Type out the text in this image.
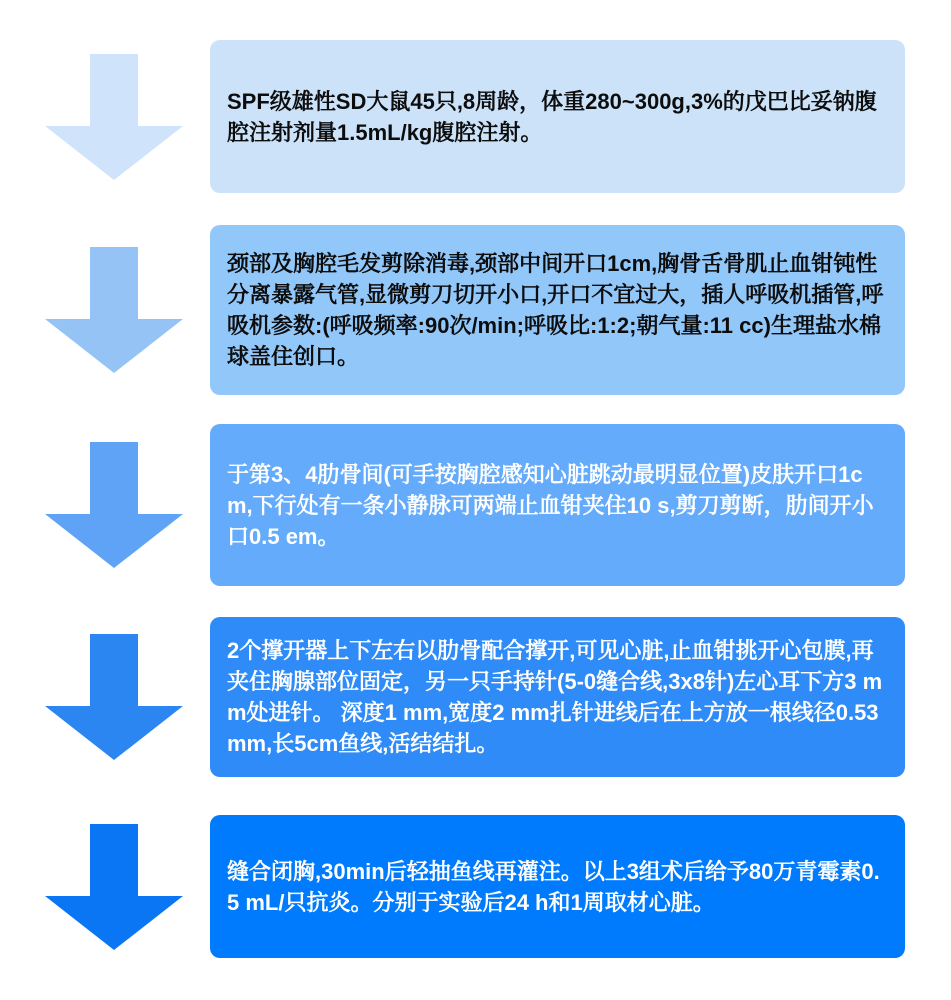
SPF级雄性SD大鼠45只,8周龄，体重280~300g,3%的戊巴比妥钠腹腔注射剂量1.5mL/kg腹腔注射。

颈部及胸腔毛发剪除消毒,颈部中间开口1cm,胸骨舌骨肌止血钳钝性分离暴露气管,显微剪刀切开小口,开口不宜过大，插人呼吸机插管,呼吸机参数:(呼吸频率:90次/min;呼吸比:1:2;朝气量:11 cc)生理盐水棉球盖住创口。

于第3、4肋骨间(可手按胸腔感知心脏跳动最明显位置)皮肤开口1cm,下行处有一条小静脉可两端止血钳夹住10 s,剪刀剪断，肋间开小口0.5 em。

2个撑开器上下左右以肋骨配合撑开,可见心脏,止血钳挑开心包膜,再夹住胸腺部位固定，另一只手持针(5-0缝合线,3x8针)左心耳下方3 mm处进针。 深度1 mm,宽度2 mm扎针进线后在上方放一根线径0.53mm,长5cm鱼线,活结结扎。

缝合闭胸,30min后轻抽鱼线再灌注。以上3组术后给予80万青霉素0.5 mL/只抗炎。分别于实验后24 h和1周取材心脏。
